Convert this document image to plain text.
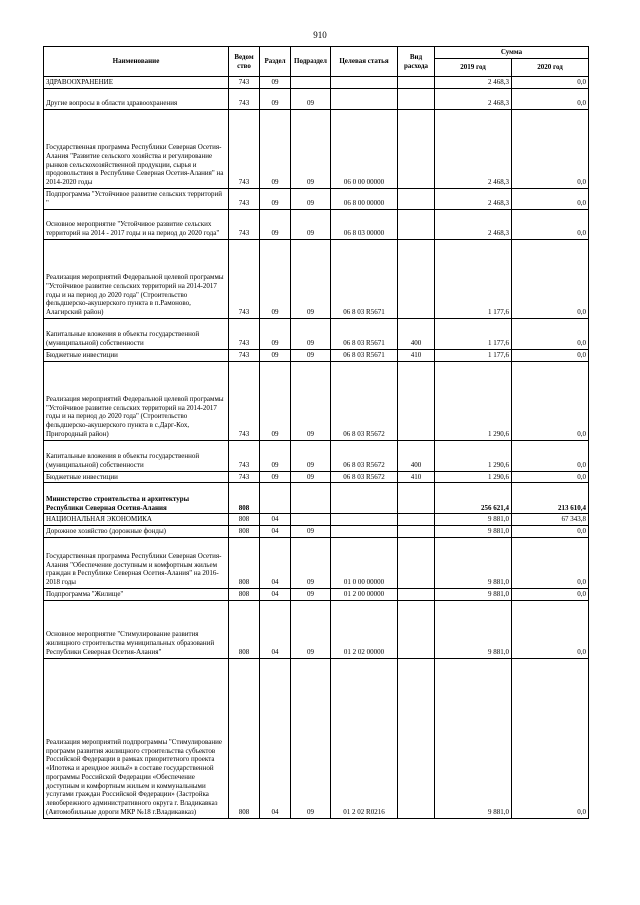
910
Наименование	Ведом ство	Раздел	Подраздел	Целевая статья	Вид расхода	Сумма	
						2019 год	2020 год
ЗДРАВООХРАНЕНИЕ	743	09				2 468,3	0,0
Другие вопросы в области здравоохранения	743	09	09			2 468,3	0,0
Государственная программа Республики Северная Осетия-Алания "Развитие сельского хозяйства и регулирование рынков сельскохозяйственной продукции, сырья и продовольствия в Республике Северная Осетия-Алания" на 2014-2020 годы	743	09	09	06 0 00 00000		2 468,3	0,0
Подпрограмма "Устойчивое развитие сельских территорий "	743	09	09	06 8 00 00000		2 468,3	0,0
Основное мероприятие "Устойчивое развитие сельских территорий на 2014 - 2017 годы и на период до 2020 года"	743	09	09	06 8 03 00000		2 468,3	0,0
Реализация мероприятий Федеральной целевой программы "Устойчивое развитие сельских территорий на 2014-2017 годы и на период до 2020 года" (Строительство фельдшерско-акушерского пункта в п.Рамоново, Алагирский район)	743	09	09	06 8 03 R5671		1 177,6	0,0
Капитальные вложения в объекты государственной (муниципальной) собственности	743	09	09	06 8 03 R5671	400	1 177,6	0,0
Бюджетные инвестиции	743	09	09	06 8 03 R5671	410	1 177,6	0,0
Реализация мероприятий Федеральной целевой программы "Устойчивое развитие сельских территорий на 2014-2017 годы и на период до 2020 года" (Строительство фельдшерско-акушерского пункта в с.Дарг-Кох, Пригородный район)	743	09	09	06 8 03 R5672		1 290,6	0,0
Капитальные вложения в объекты государственной (муниципальной) собственности	743	09	09	06 8 03 R5672	400	1 290,6	0,0
Бюджетные инвестиции	743	09	09	06 8 03 R5672	410	1 290,6	0,0
Министерство строительства и архитектуры Республики Северная Осетия-Алания	808					256 621,4	213 610,4
НАЦИОНАЛЬНАЯ ЭКОНОМИКА	808	04				9 881,0	67 343,8
Дорожное хозяйство (дорожные фонды)	808	04	09			9 881,0	0,0
Государственная программа Республики Северная Осетия-Алания "Обеспечение доступным и комфортным жильем граждан в Республике Северная Осетия-Алания" на 2016-2018 годы	808	04	09	01 0 00 00000		9 881,0	0,0
Подпрограмма "Жилище"	808	04	09	01 2 00 00000		9 881,0	0,0
Основное мероприятие "Стимулирование развития жилищного строительства муниципальных образований Республики Северная Осетия-Алания"	808	04	09	01 2 02 00000		9 881,0	0,0
Реализация мероприятий подпрограммы "Стимулирование программ развития жилищного строительства субъектов Российской Федерации в рамках приоритетного проекта «Ипотека и арендное жильё» в составе государственной программы Российской Федерации «Обеспечение доступным и комфортным жильем и коммунальными услугами граждан Российской Федерации» (Застройка левобережного административного округа г. Владикавказ (Автомобильные дороги МКР №18 г.Владикавказ)	808	04	09	01 2 02 R0216		9 881,0	0,0
